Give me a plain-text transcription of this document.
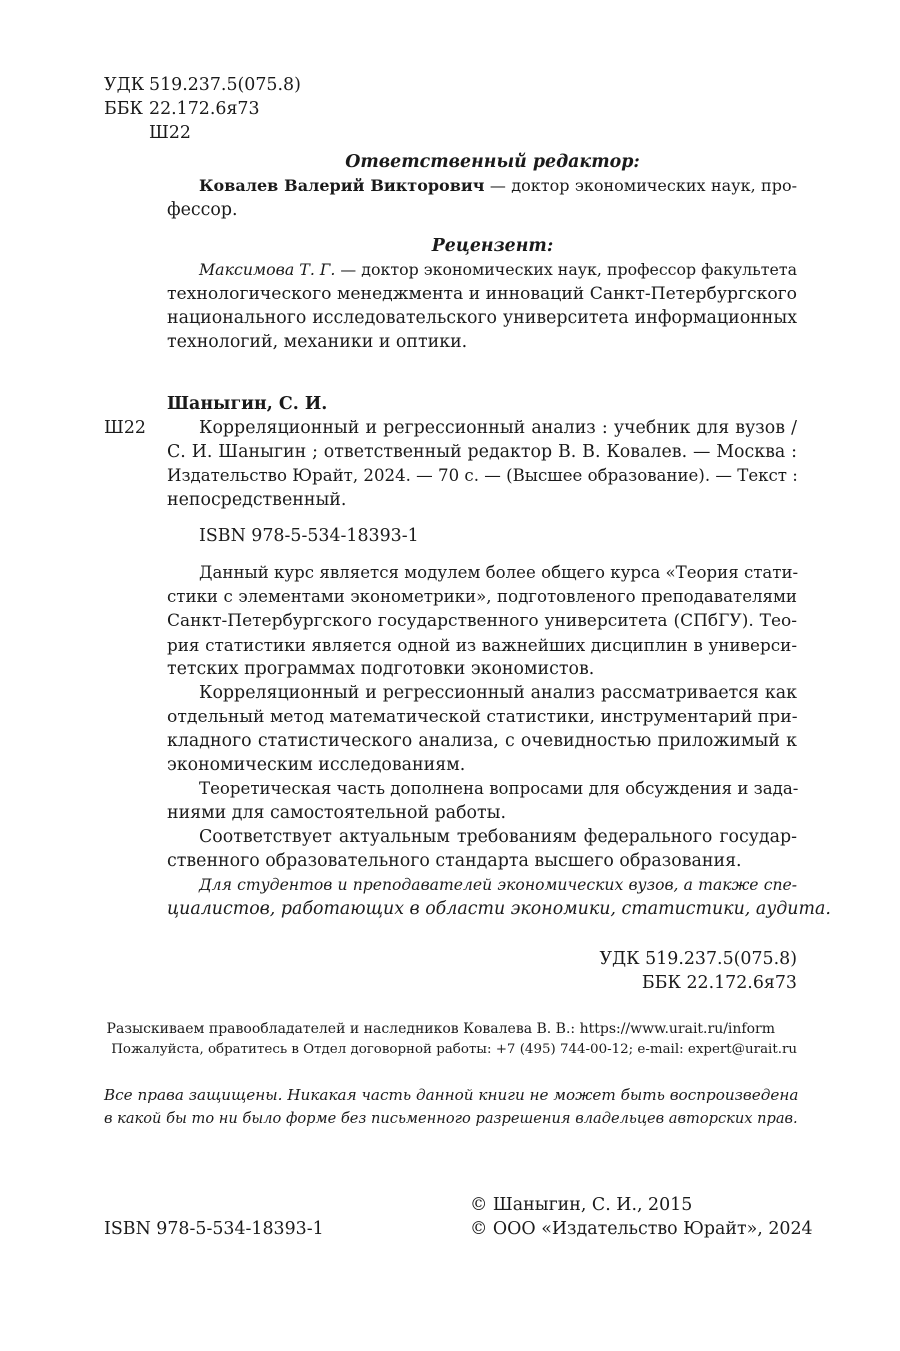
УДК 519.237.5(075.8)
ББК 22.172.6я73
Ш22
Ответственный редактор:
Ковалев Валерий Викторович — доктор экономических наук, про-
фессор.
Рецензент:
Максимова Т. Г. — доктор экономических наук, профессор факультета
технологического менеджмента и инноваций Санкт-Петербургского
национального исследовательского университета информационных
технологий, механики и оптики.
Шаныгин, С. И.
Ш22	Корреляционный и регрессионный анализ : учебник для вузов /
С. И. Шаныгин ; ответственный редактор В. В. Ковалев. — Москва :
Издательство Юрайт, 2024. — 70 с. — (Высшее образование). — Текст :
непосредственный.
ISBN 978-5-534-18393-1
Данный курс является модулем более общего курса «Теория стати-
стики с элементами эконометрики», подготовленого преподавателями
Санкт-Петербургского государственного университета (СПбГУ). Тео-
рия статистики является одной из важнейших дисциплин в универси-
тетских программах подготовки экономистов.
Корреляционный и регрессионный анализ рассматривается как
отдельный метод математической статистики, инструментарий при-
кладного статистического анализа, с очевидностью приложимый к
экономическим исследованиям.
Теоретическая часть дополнена вопросами для обсуждения и зада-
ниями для самостоятельной работы.
Соответствует актуальным требованиям федерального государ-
ственного образовательного стандарта высшего образования.
Для студентов и преподавателей экономических вузов, а также спе-
циалистов, работающих в области экономики, статистики, аудита.
УДК 519.237.5(075.8)
ББК 22.172.6я73
Разыскиваем правообладателей и наследников Ковалева В. В.: https://www.urait.ru/inform
Пожалуйста, обратитесь в Отдел договорной работы: +7 (495) 744-00-12; e-mail: expert@urait.ru
Все права защищены. Никакая часть данной книги не может быть воспроизведена
в какой бы то ни было форме без письменного разрешения владельцев авторских прав.
© Шаныгин, С. И., 2015
ISBN 978-5-534-18393-1	© ООО «Издательство Юрайт», 2024
